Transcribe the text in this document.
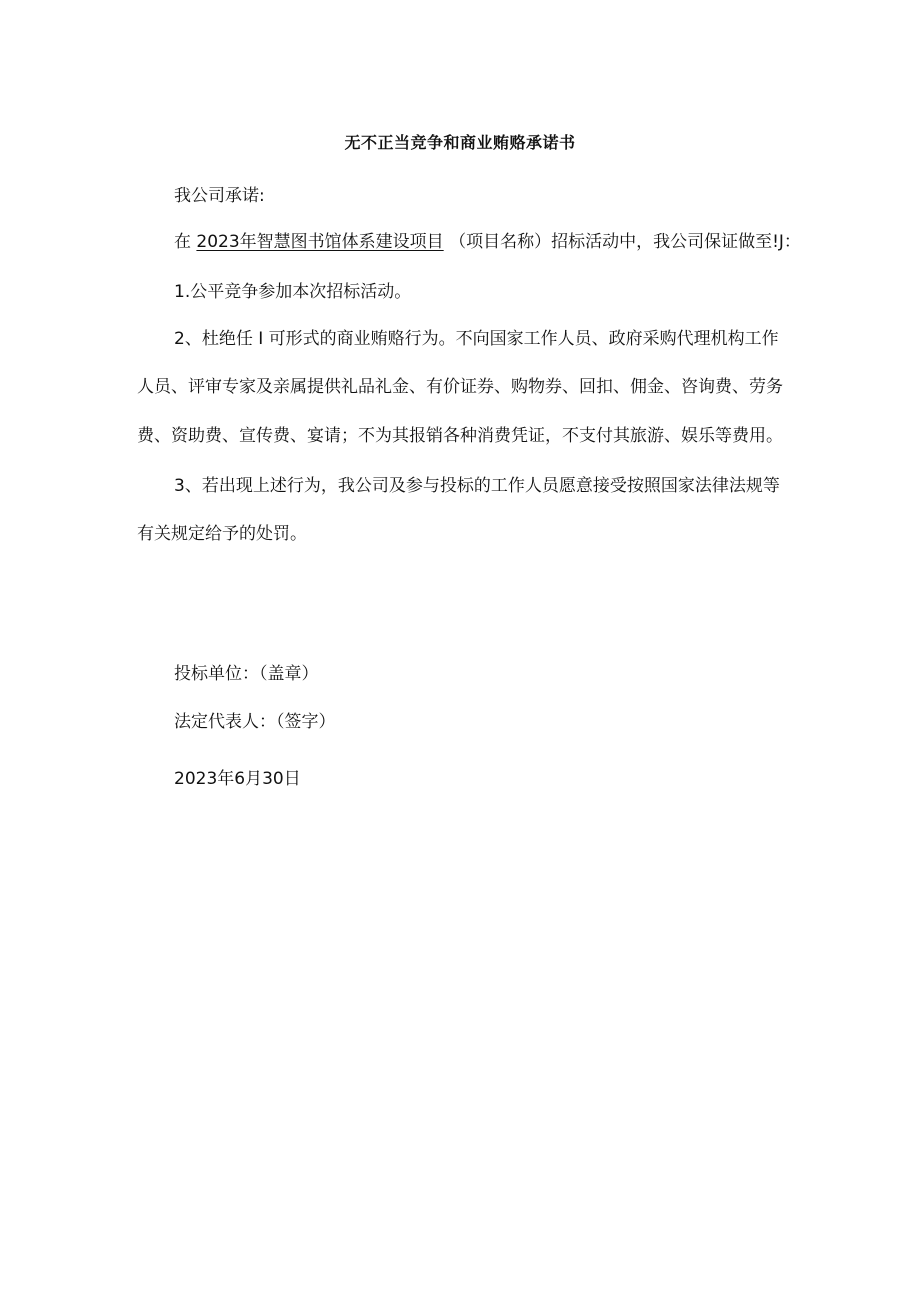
无不正当竞争和商业贿赂承诺书
我公司承诺:
在 2023年智慧图书馆体系建设项目 （项目名称）招标活动中，我公司保证做至!J：
1.公平竞争参加本次招标活动。
2、杜绝任 I 可形式的商业贿赂行为。不向国家工作人员、政府采购代理机构工作
人员、评审专家及亲属提供礼品礼金、有价证券、购物券、回扣、佣金、咨询费、劳务
费、资助费、宣传费、宴请；不为其报销各种消费凭证，不支付其旅游、娱乐等费用。
3、若出现上述行为，我公司及参与投标的工作人员愿意接受按照国家法律法规等
有关规定给予的处罚。
投标单位：（盖章）
法定代表人：（签字）
2023年6月30日
